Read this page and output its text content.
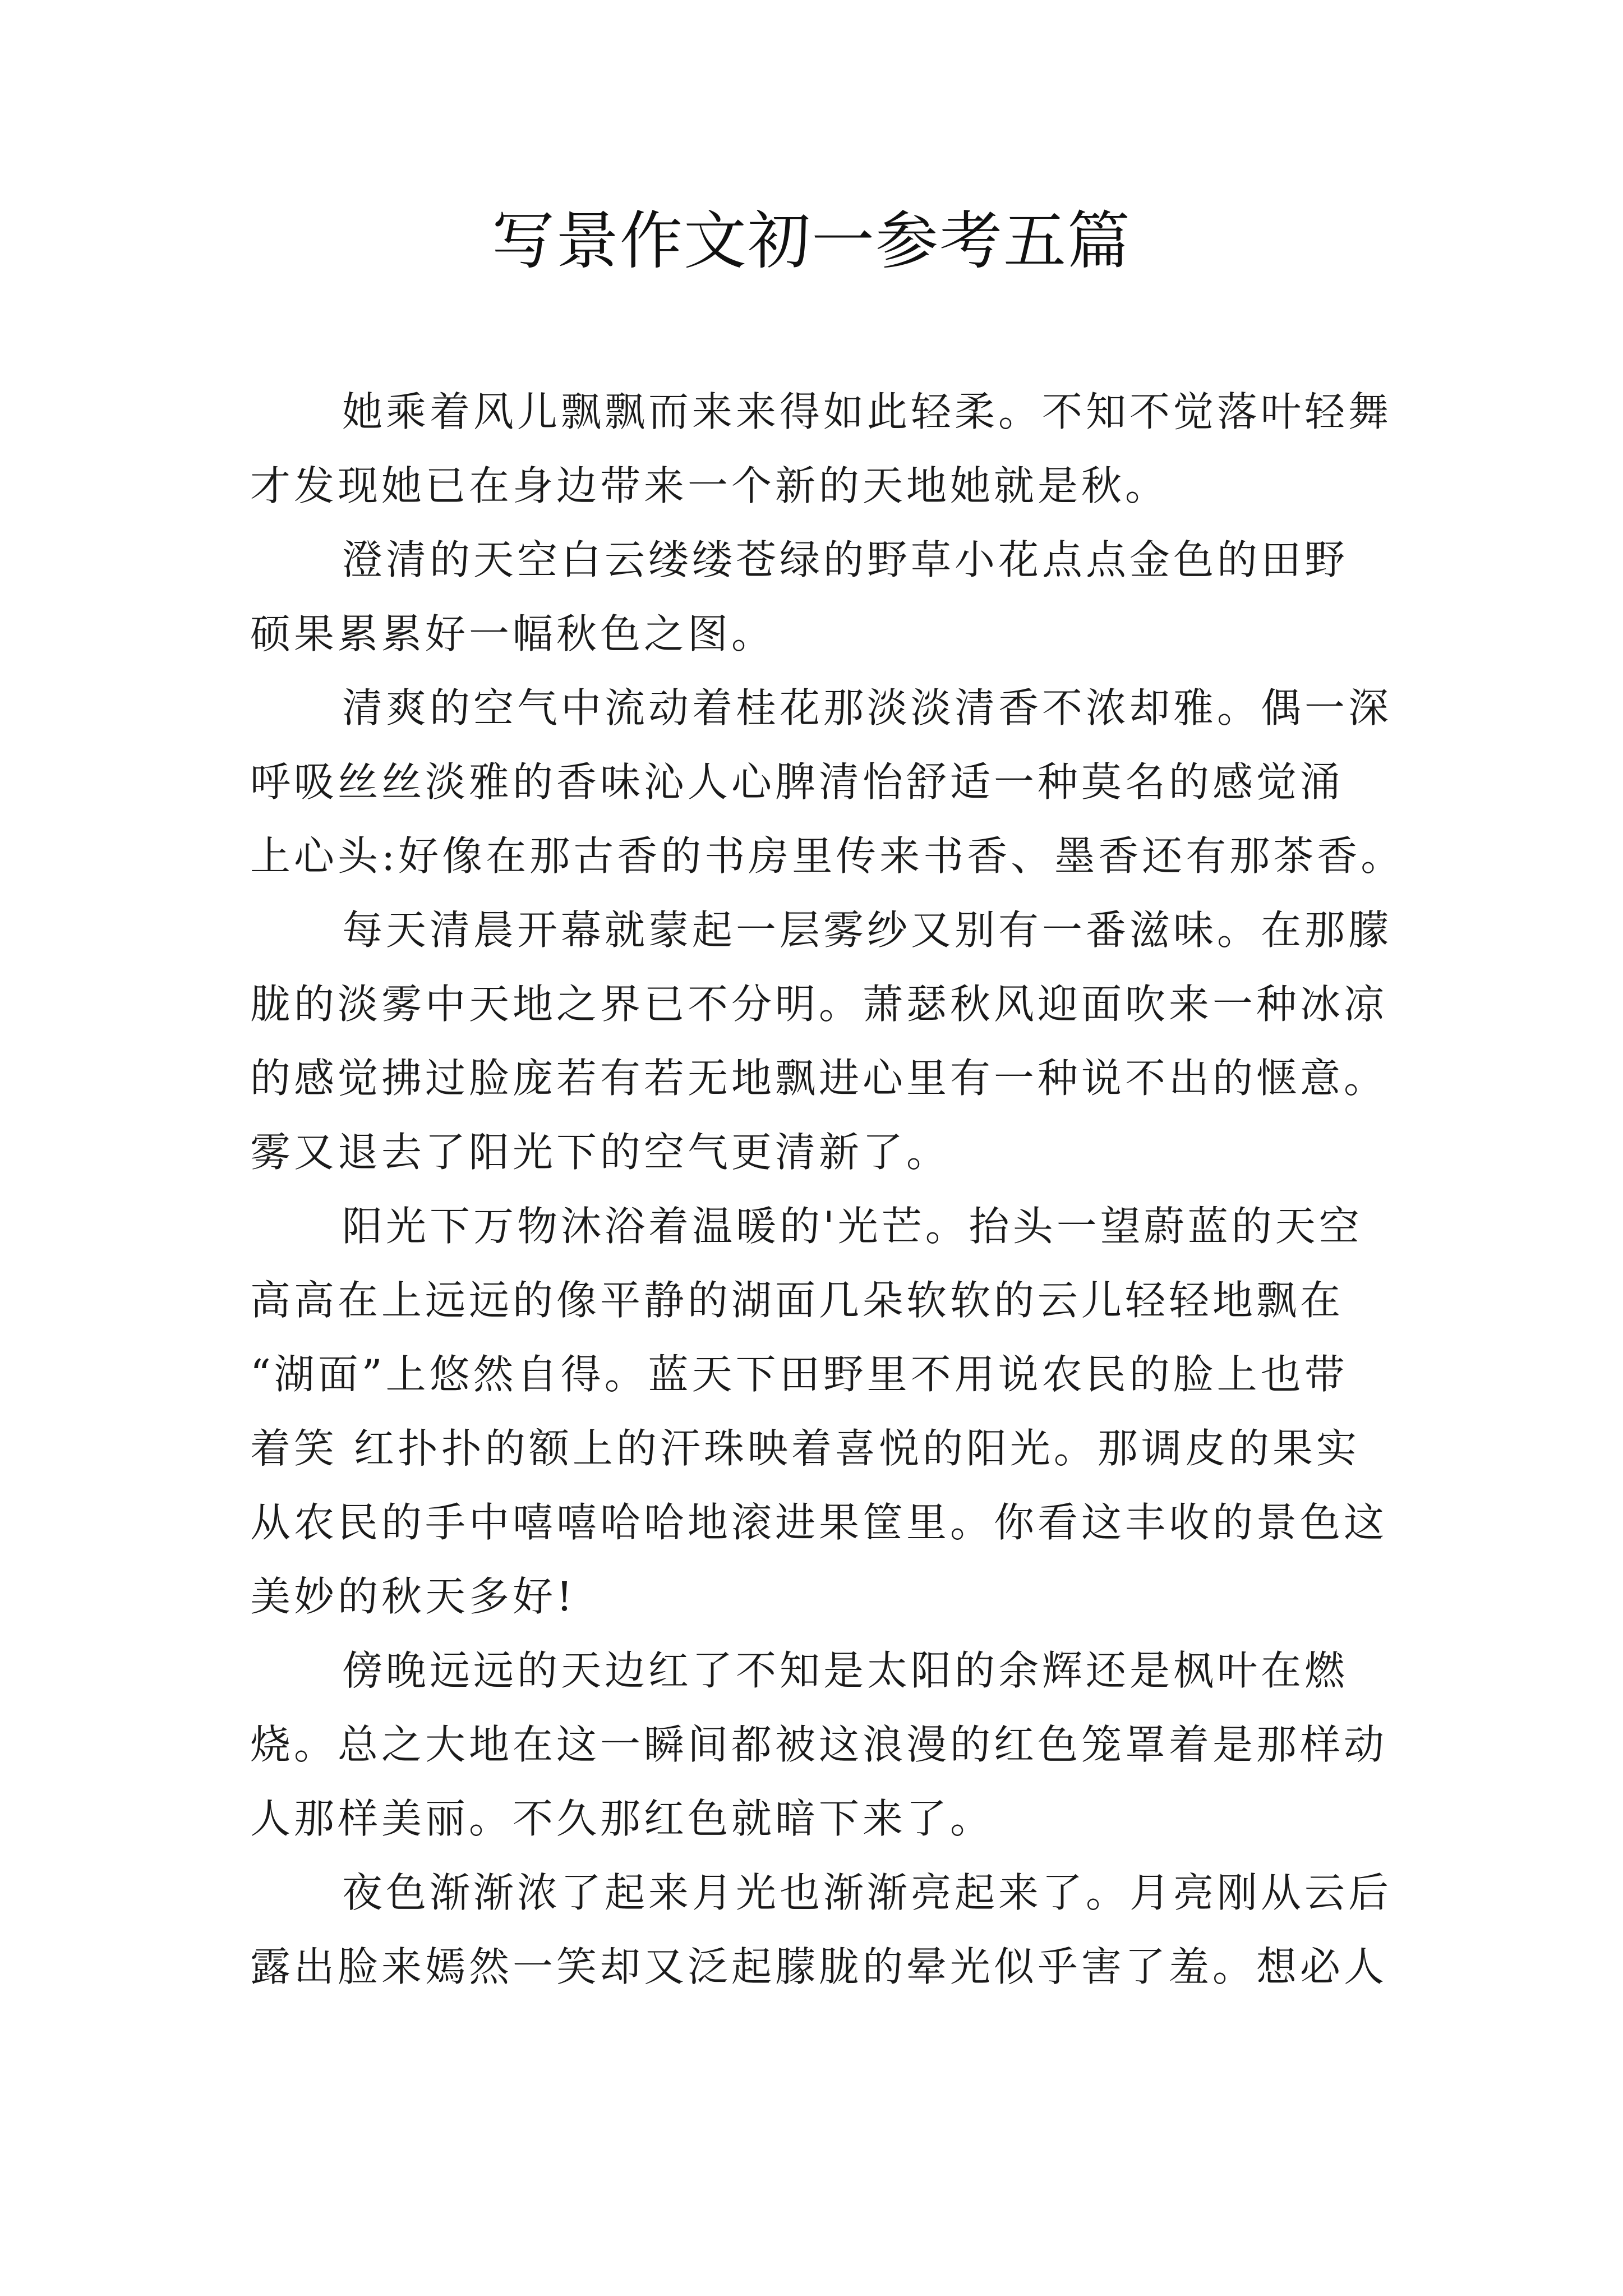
写景作文初一参考五篇

她乘着风儿飘飘而来来得如此轻柔。不知不觉落叶轻舞
才发现她已在身边带来一个新的天地她就是秋。

澄清的天空白云缕缕苍绿的野草小花点点金色的田野
硕果累累好一幅秋色之图。

清爽的空气中流动着桂花那淡淡清香不浓却雅。偶一深
呼吸丝丝淡雅的香味沁人心脾清怡舒适一种莫名的感觉涌
上心头:好像在那古香的书房里传来书香、墨香还有那茶香。

每天清晨开幕就蒙起一层雾纱又别有一番滋味。在那朦
胧的淡雾中天地之界已不分明。萧瑟秋风迎面吹来一种冰凉
的感觉拂过脸庞若有若无地飘进心里有一种说不出的惬意。
雾又退去了阳光下的空气更清新了。

阳光下万物沐浴着温暖的'光芒。抬头一望蔚蓝的天空
高高在上远远的像平静的湖面几朵软软的云儿轻轻地飘在
“湖面”上悠然自得。蓝天下田野里不用说农民的脸上也带
着笑 红扑扑的额上的汗珠映着喜悦的阳光。那调皮的果实
从农民的手中嘻嘻哈哈地滚进果筐里。你看这丰收的景色这
美妙的秋天多好!

傍晚远远的天边红了不知是太阳的余辉还是枫叶在燃
烧。总之大地在这一瞬间都被这浪漫的红色笼罩着是那样动
人那样美丽。不久那红色就暗下来了。

夜色渐渐浓了起来月光也渐渐亮起来了。月亮刚从云后
露出脸来嫣然一笑却又泛起朦胧的晕光似乎害了羞。想必人
